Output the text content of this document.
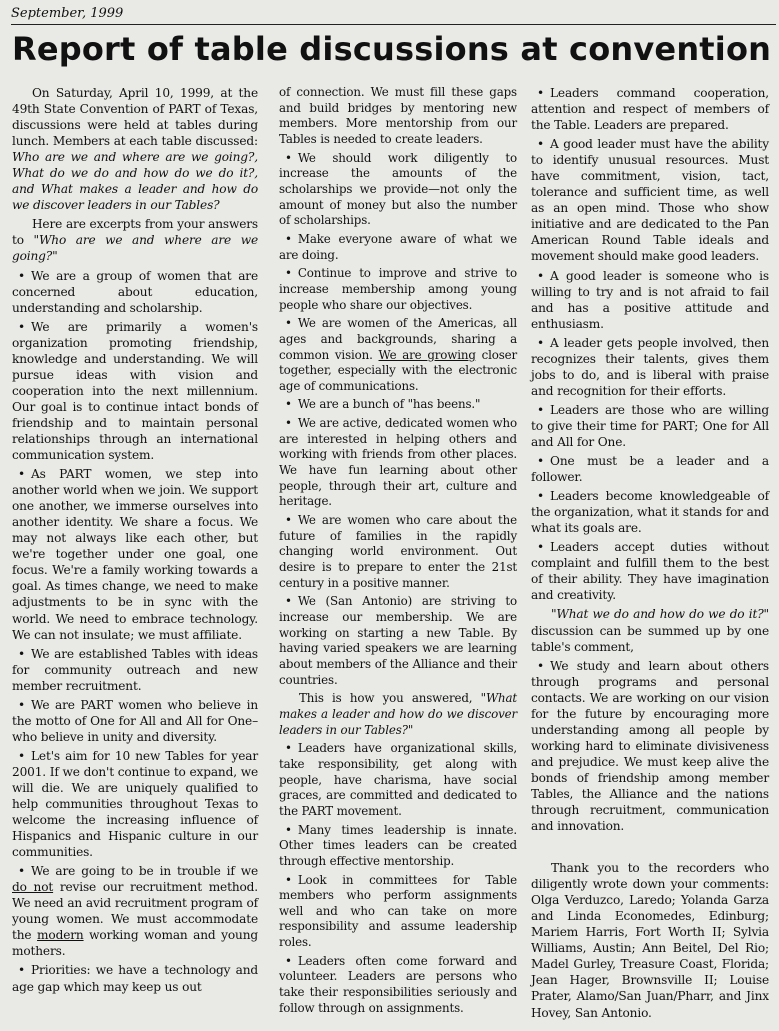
September, 1999
Report of table discussions at convention

On Saturday, April 10, 1999, at the 49th State Convention of PART of Texas, discussions were held at tables during lunch. Members at each table discussed: Who are we and where are we going?, What do we do and how do we do it?, and What makes a leader and how do we discover leaders in our Tables?

Here are excerpts from your answers to "Who are we and where are we going?"

• We are a group of women that are concerned about education, understanding and scholarship.

• We are primarily a women's organization promoting friendship, knowledge and understanding. We will pursue ideas with vision and cooperation into the next millennium. Our goal is to continue intact bonds of friendship and to maintain personal relationships through an international communication system.

• As PART women, we step into another world when we join. We support one another, we immerse ourselves into another identity. We share a focus. We may not always like each other, but we're together under one goal, one focus. We're a family working towards a goal. As times change, we need to make adjustments to be in sync with the world. We need to embrace technology. We can not insulate; we must affiliate.

• We are established Tables with ideas for community outreach and new member recruitment.

• We are PART women who believe in the motto of One for All and All for One–who believe in unity and diversity.

• Let's aim for 10 new Tables for year 2001. If we don't continue to expand, we will die. We are uniquely qualified to help communities throughout Texas to welcome the increasing influence of Hispanics and Hispanic culture in our communities.

• We are going to be in trouble if we do not revise our recruitment method. We need an avid recruitment program of young women. We must accommodate the modern working woman and young mothers.

• Priorities: we have a technology and age gap which may keep us out

of connection. We must fill these gaps and build bridges by mentoring new members. More mentorship from our Tables is needed to create leaders.

• We should work diligently to increase the amounts of the scholarships we provide—not only the amount of money but also the number of scholarships.

• Make everyone aware of what we are doing.

• Continue to improve and strive to increase membership among young people who share our objectives.

• We are women of the Americas, all ages and backgrounds, sharing a common vision. We are growing closer together, especially with the electronic age of communications.

• We are a bunch of "has beens."

• We are active, dedicated women who are interested in helping others and working with friends from other places. We have fun learning about other people, through their art, culture and heritage.

• We are women who care about the future of families in the rapidly changing world environment. Out desire is to prepare to enter the 21st century in a positive manner.

• We (San Antonio) are striving to increase our membership. We are working on starting a new Table. By having varied speakers we are learning about members of the Alliance and their countries.

This is how you answered, "What makes a leader and how do we discover leaders in our Tables?"

• Leaders have organizational skills, take responsibility, get along with people, have charisma, have social graces, are committed and dedicated to the PART movement.

• Many times leadership is innate. Other times leaders can be created through effective mentorship.

• Look in committees for Table members who perform assignments well and who can take on more responsibility and assume leadership roles.

• Leaders often come forward and volunteer. Leaders are persons who take their responsibilities seriously and follow through on assignments.

• Leaders command cooperation, attention and respect of members of the Table. Leaders are prepared.

• A good leader must have the ability to identify unusual resources. Must have commitment, vision, tact, tolerance and sufficient time, as well as an open mind. Those who show initiative and are dedicated to the Pan American Round Table ideals and movement should make good leaders.

• A good leader is someone who is willing to try and is not afraid to fail and has a positive attitude and enthusiasm.

• A leader gets people involved, then recognizes their talents, gives them jobs to do, and is liberal with praise and recognition for their efforts.

• Leaders are those who are willing to give their time for PART; One for All and All for One.

• One must be a leader and a follower.

• Leaders become knowledgeable of the organization, what it stands for and what its goals are.

• Leaders accept duties without complaint and fulfill them to the best of their ability. They have imagination and creativity.

"What we do and how do we do it?" discussion can be summed up by one table's comment,

• We study and learn about others through programs and personal contacts. We are working on our vision for the future by encouraging more understanding among all people by working hard to eliminate divisiveness and prejudice. We must keep alive the bonds of friendship among member Tables, the Alliance and the nations through recruitment, communication and innovation.

Thank you to the recorders who diligently wrote down your comments: Olga Verduzco, Laredo; Yolanda Garza and Linda Economedes, Edinburg; Mariem Harris, Fort Worth II; Sylvia Williams, Austin; Ann Beitel, Del Rio; Madel Gurley, Treasure Coast, Florida; Jean Hager, Brownsville II; Louise Prater, Alamo/San Juan/Pharr, and Jinx Hovey, San Antonio.
